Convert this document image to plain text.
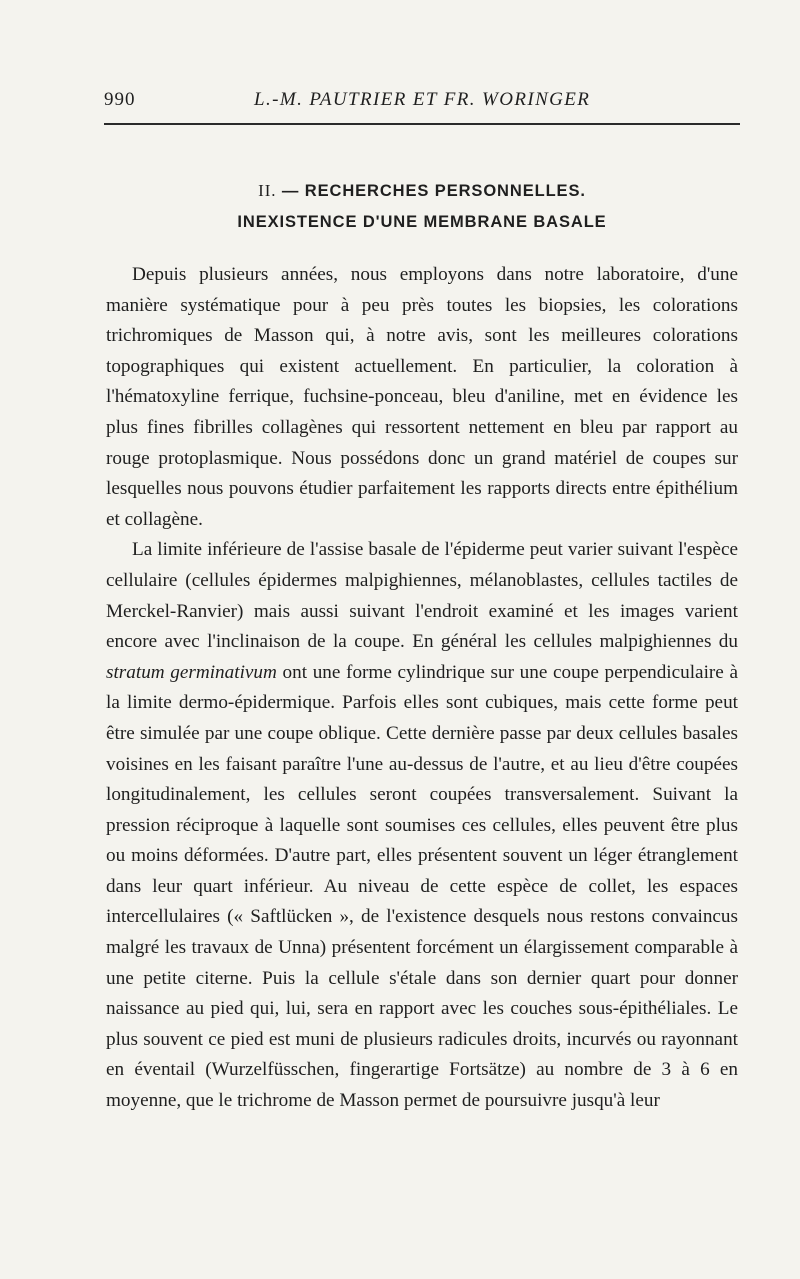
990	L.-M. PAUTRIER ET FR. WORINGER
II. — RECHERCHES PERSONNELLES.
INEXISTENCE D'UNE MEMBRANE BASALE

Depuis plusieurs années, nous employons dans notre laboratoire, d'une manière systématique pour à peu près toutes les biopsies, les colorations trichromiques de Masson qui, à notre avis, sont les meilleures colorations topographiques qui existent actuellement. En particulier, la coloration à l'hématoxyline ferrique, fuchsine-ponceau, bleu d'aniline, met en évidence les plus fines fibrilles collagènes qui ressortent nettement en bleu par rapport au rouge protoplasmique. Nous possédons donc un grand matériel de coupes sur lesquelles nous pouvons étudier parfaitement les rapports directs entre épithélium et collagène.

La limite inférieure de l'assise basale de l'épiderme peut varier suivant l'espèce cellulaire (cellules épidermes malpighiennes, mélanoblastes, cellules tactiles de Merckel-Ranvier) mais aussi suivant l'endroit examiné et les images varient encore avec l'inclinaison de la coupe. En général les cellules malpighiennes du stratum germinativum ont une forme cylindrique sur une coupe perpendiculaire à la limite dermo-épidermique. Parfois elles sont cubiques, mais cette forme peut être simulée par une coupe oblique. Cette dernière passe par deux cellules basales voisines en les faisant paraître l'une au-dessus de l'autre, et au lieu d'être coupées longitudinalement, les cellules seront coupées transversalement. Suivant la pression réciproque à laquelle sont soumises ces cellules, elles peuvent être plus ou moins déformées. D'autre part, elles présentent souvent un léger étranglement dans leur quart inférieur. Au niveau de cette espèce de collet, les espaces intercellulaires (« Saftlücken », de l'existence desquels nous restons convaincus malgré les travaux de Unna) présentent forcément un élargissement comparable à une petite citerne. Puis la cellule s'étale dans son dernier quart pour donner naissance au pied qui, lui, sera en rapport avec les couches sous-épithéliales. Le plus souvent ce pied est muni de plusieurs radicules droits, incurvés ou rayonnant en éventail (Wurzelfüsschen, fingerartige Fortsätze) au nombre de 3 à 6 en moyenne, que le trichrome de Masson permet de poursuivre jusqu'à leur
